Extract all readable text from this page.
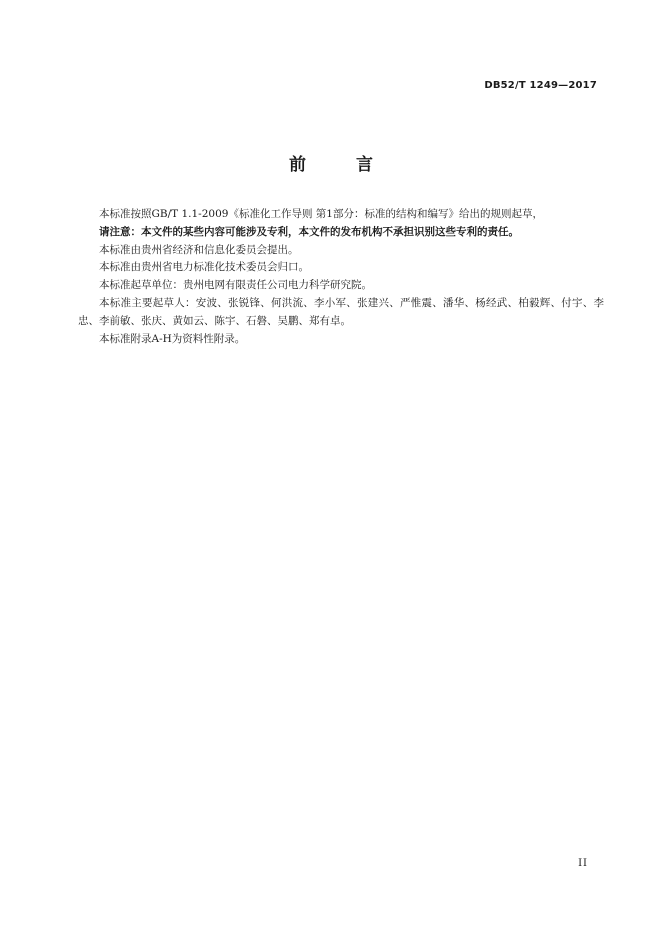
DB52/T 1249—2017
前 言

本标准按照GB/T 1.1-2009《标准化工作导则 第1部分：标准的结构和编写》给出的规则起草，

请注意：本文件的某些内容可能涉及专利，本文件的发布机构不承担识别这些专利的责任。

本标准由贵州省经济和信息化委员会提出。

本标准由贵州省电力标准化技术委员会归口。

本标准起草单位：贵州电网有限责任公司电力科学研究院。

本标准主要起草人：安波、张锐锋、何洪流、李小军、张建兴、严惟震、潘华、杨经武、柏毅辉、付宇、李忠、李前敏、张庆、黄如云、陈宇、石磐、吴鹏、郑有卓。

本标准附录A-H为资料性附录。

II
